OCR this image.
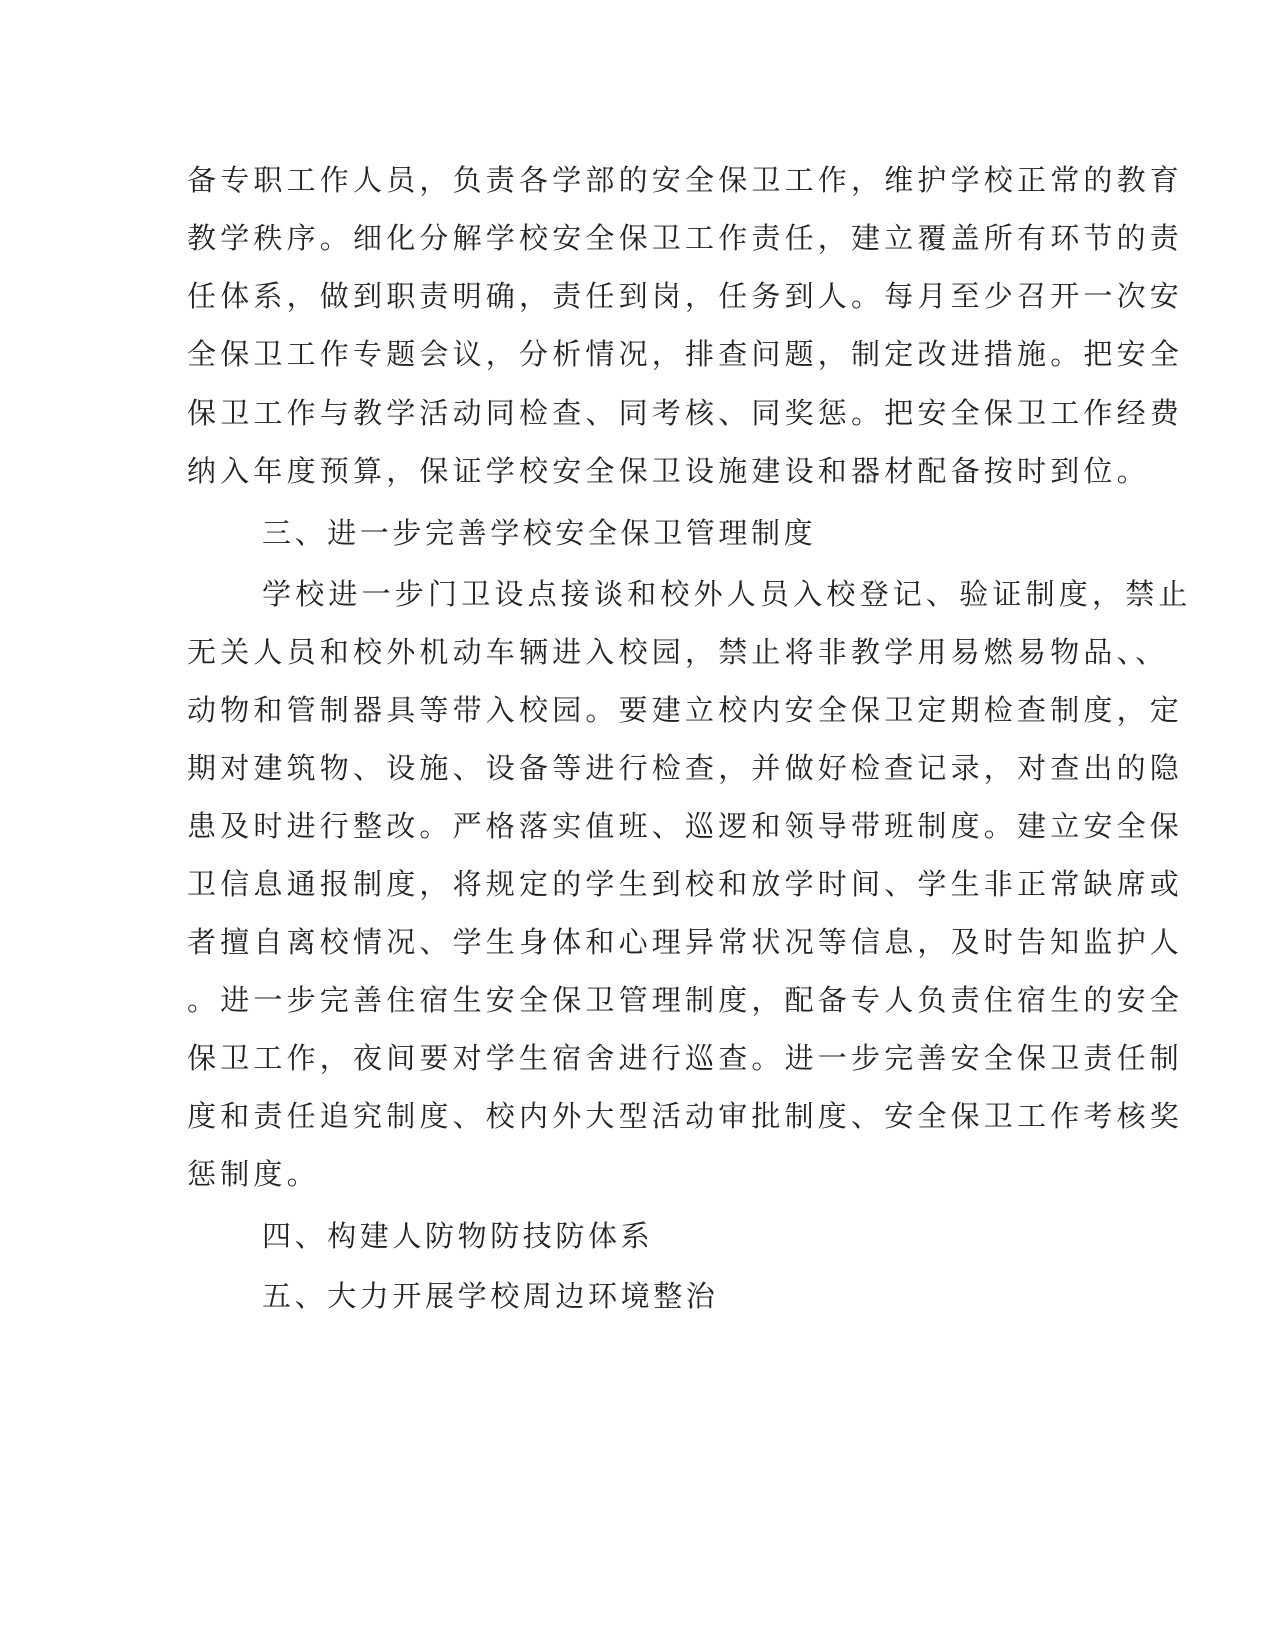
备专职工作人员，负责各学部的安全保卫工作，维护学校正常的教育
教学秩序。细化分解学校安全保卫工作责任，建立覆盖所有环节的责
任体系，做到职责明确，责任到岗，任务到人。每月至少召开一次安
全保卫工作专题会议，分析情况，排查问题，制定改进措施。把安全
保卫工作与教学活动同检查、同考核、同奖惩。把安全保卫工作经费
纳入年度预算，保证学校安全保卫设施建设和器材配备按时到位。
三、进一步完善学校安全保卫管理制度
学校进一步门卫设点接谈和校外人员入校登记、验证制度，禁止
无关人员和校外机动车辆进入校园，禁止将非教学用易燃易物品、、
动物和管制器具等带入校园。要建立校内安全保卫定期检查制度，定
期对建筑物、设施、设备等进行检查，并做好检查记录，对查出的隐
患及时进行整改。严格落实值班、巡逻和领导带班制度。建立安全保
卫信息通报制度，将规定的学生到校和放学时间、学生非正常缺席或
者擅自离校情况、学生身体和心理异常状况等信息，及时告知监护人
。进一步完善住宿生安全保卫管理制度，配备专人负责住宿生的安全
保卫工作，夜间要对学生宿舍进行巡查。进一步完善安全保卫责任制
度和责任追究制度、校内外大型活动审批制度、安全保卫工作考核奖
惩制度。
四、构建人防物防技防体系
五、大力开展学校周边环境整治
